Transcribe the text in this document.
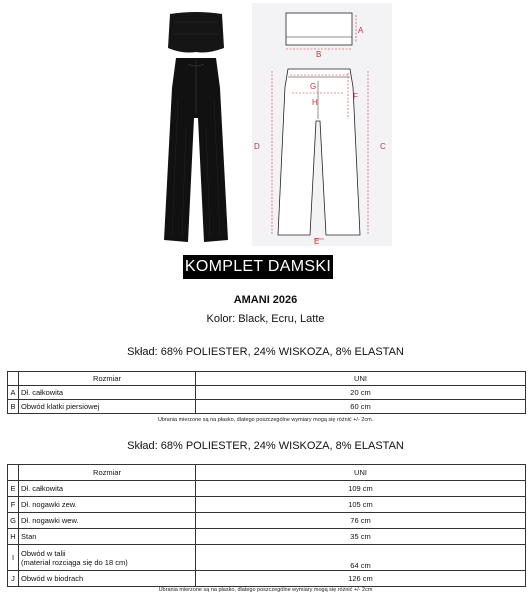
A
B
F
G
H
D	C
E
KOMPLET DAMSKI
AMANI 2026
Kolor: Black, Ecru, Latte
Skład: 68% POLIESTER, 24% WISKOZA, 8% ELASTAN
	Rozmiar	UNI
A	Dł. całkowita	20 cm
B	Obwód klatki piersiowej	60 cm
Ubrania mierzone są na płasko, dlatego poszczególne wymiary mogą się różnić +/- 2cm.
Skład: 68% POLIESTER, 24% WISKOZA, 8% ELASTAN
	Rozmiar	UNI
E	Dł. całkowita	109 cm
F	Dł. nogawki zew.	105 cm
G	Dł. nogawki wew.	76 cm
H	Stan	35 cm
I	Obwód w talii
(materiał rozciąga się do 18 cm)	64 cm
J	Obwód w biodrach	126 cm
Ubrania mierzone są na płasko, dlatego poszczególne wymiary mogą się różnić +/- 2cm
